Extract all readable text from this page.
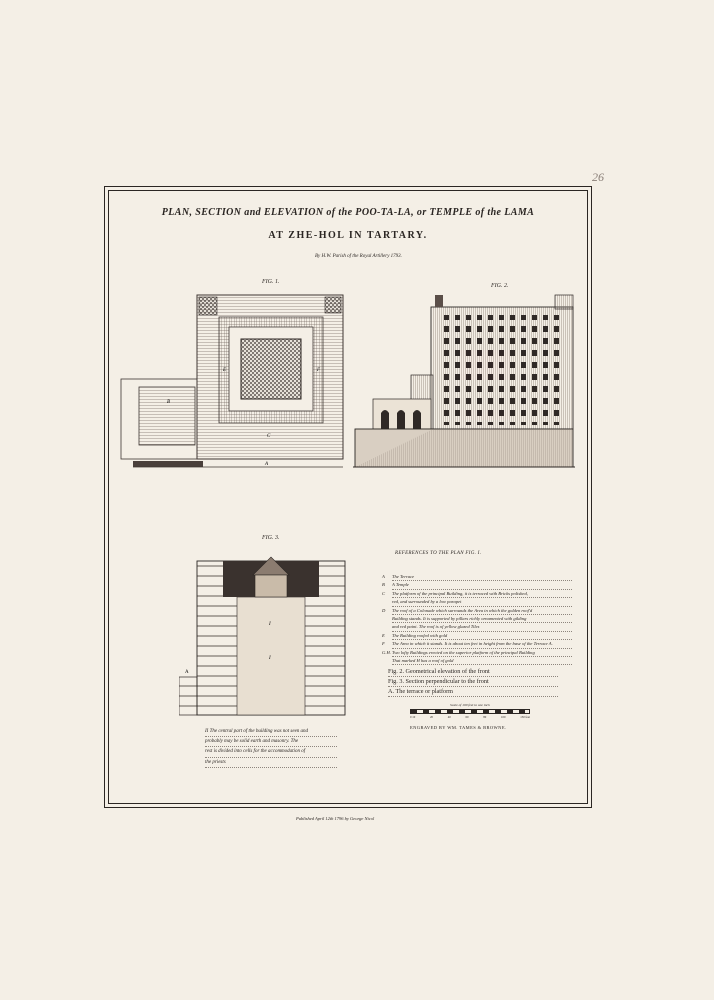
26
PLAN, SECTION and ELEVATION of the POO-TA-LA, or TEMPLE of the LAMA
AT ZHE-HOL IN TARTARY.
By H.W. Parish of the Royal Artillery 1793.
FIG. 1.
A
B
C
E	F
FIG. 2.
FIG. 3.
A
I
I
II The central part of the building was not seen and
probably may be solid earth and masonry. The
rest is divided into cells for the accommodation of
the priests
REFERENCES TO THE PLAN FIG. I.
A	The Terrace
B	A Temple
C	The platform of the principal Building, it is terraced with Bricks polished,
red, and surrounded by a low parapet
D	The roof of a Colonade which surrounds the Area in which the golden roof'd
Building stands. It is supported by pillars richly ornamented with gilding
and red paint. The roof is of yellow glazed Tiles
E	The Building roofed with gold
F	The Area in which it stands. It is about ten feet in height from the base of the Terrace A.
G.H. Two lofty Buildings erected on the superior platform of the principal Building
That marked H has a roof of gold
Fig. 2. Geometrical elevation of the front
Fig. 3. Section perpendicular to the front
A. The terrace or platform
Scale of 100 feet to one inch
0 10	20	40	60	80	100	150 feet
ENGRAVED BY WM. TAMES & BROWNE.
Published April 12th 1796 by George Nicol
